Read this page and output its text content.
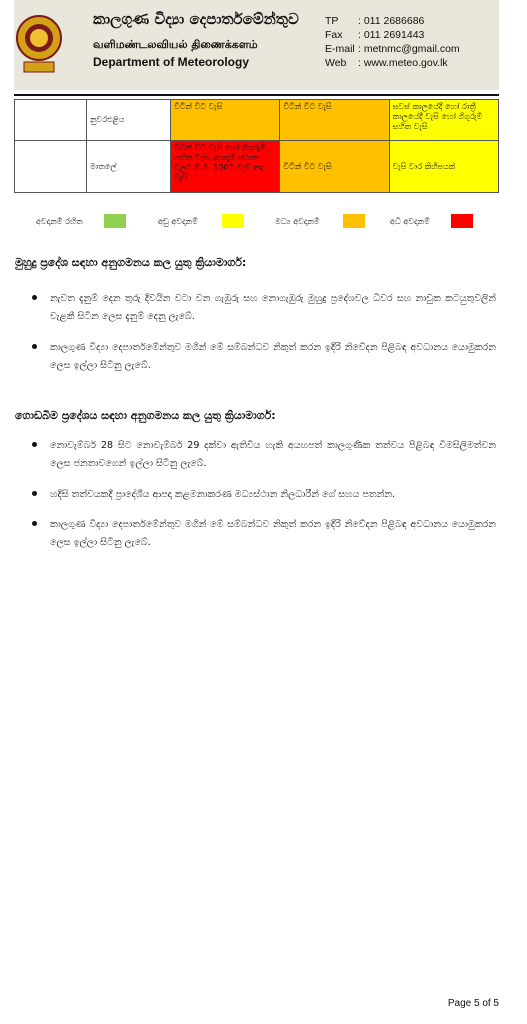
කාලගුණ විද්‍යා දෙපාර්තමේන්තුව
வளிமண்டலவியல் திணைக்களம்
Department of Meteorology
TP	: 011 2686686
Fax	: 011 2691443
E-mail : metnmc@gmail.com
Web	: www.meteo.gov.lk
	නුවරඑළිය	විටින් විට වැසි	විටින් විට වැසි	සවස් කාලයේදී හෝ රාත්‍රී කාලයේදී වැසි හෝ ගිගුරුම් සහිත වැසි
	මාතලේ	විටින් විට වැසි හෝ ගිගුරුම් සහිත වැසි, ඇතැම් ස්ථාන වලට මි.මී. 100ට වැඩි තද වැසි	විටින් විට වැසි	වැසි වාර කිහිපයක්
අවදානම් රහිත	අඩු අවදානම්	මධ්‍ය අවදානම්	අධි අවදානම්
මුහුදු ප්‍රදේශ සඳහා අනුගමනය කල යුතු ක්‍රියාමාර්ග:

නැවත දැනුම් දෙන තුරු දිවයින වටා වන ගැඹුරු සහ නොගැඹුරු මුහුදු ප්‍රදේශවල ධීවර සහ නාවුක කටයුතුවලින් වැළකී සිටින ලෙස දැනුම් දෙනු ලැබේ.

කාලගුණ විද්‍යා දෙපාර්තමේන්තුව මගින් මේ සම්බන්ධව නිකුත් කරන ඉදිරි නිවේදන පිළිබඳ අවධානය යොමුකරන ලෙස ඉල්ලා සිටිනු ලැබේ.

ගොඩබිම ප්‍රදේශය සඳහා අනුගමනය කල යුතු ක්‍රියාමාර්ග:

නොවැම්බර් 28 සිට නොවැම්බර් 29 දක්වා ඇතිවිය හැකි අයහපත් කාලගුණික තත්වය පිළිබඳ විමසිලිමත්වන ලෙස ජනතාවගෙන් ඉල්ලා සිටිනු ලැබේ.

හදිසි තත්වයකදී ප්‍රාදේශීය ආපදා කළමනාකරණ මධ්‍යස්ථාන නිලධාරීන් ගේ සහය පතන්න.

කාලගුණ විද්‍යා දෙපාර්තමේන්තුව මගින් මේ සම්බන්ධව නිකුත් කරන ඉදිරි නිවේදන පිළිබඳ අවධානය යොමුකරන ලෙස ඉල්ලා සිටිනු ලැබේ.

Page 5 of 5
